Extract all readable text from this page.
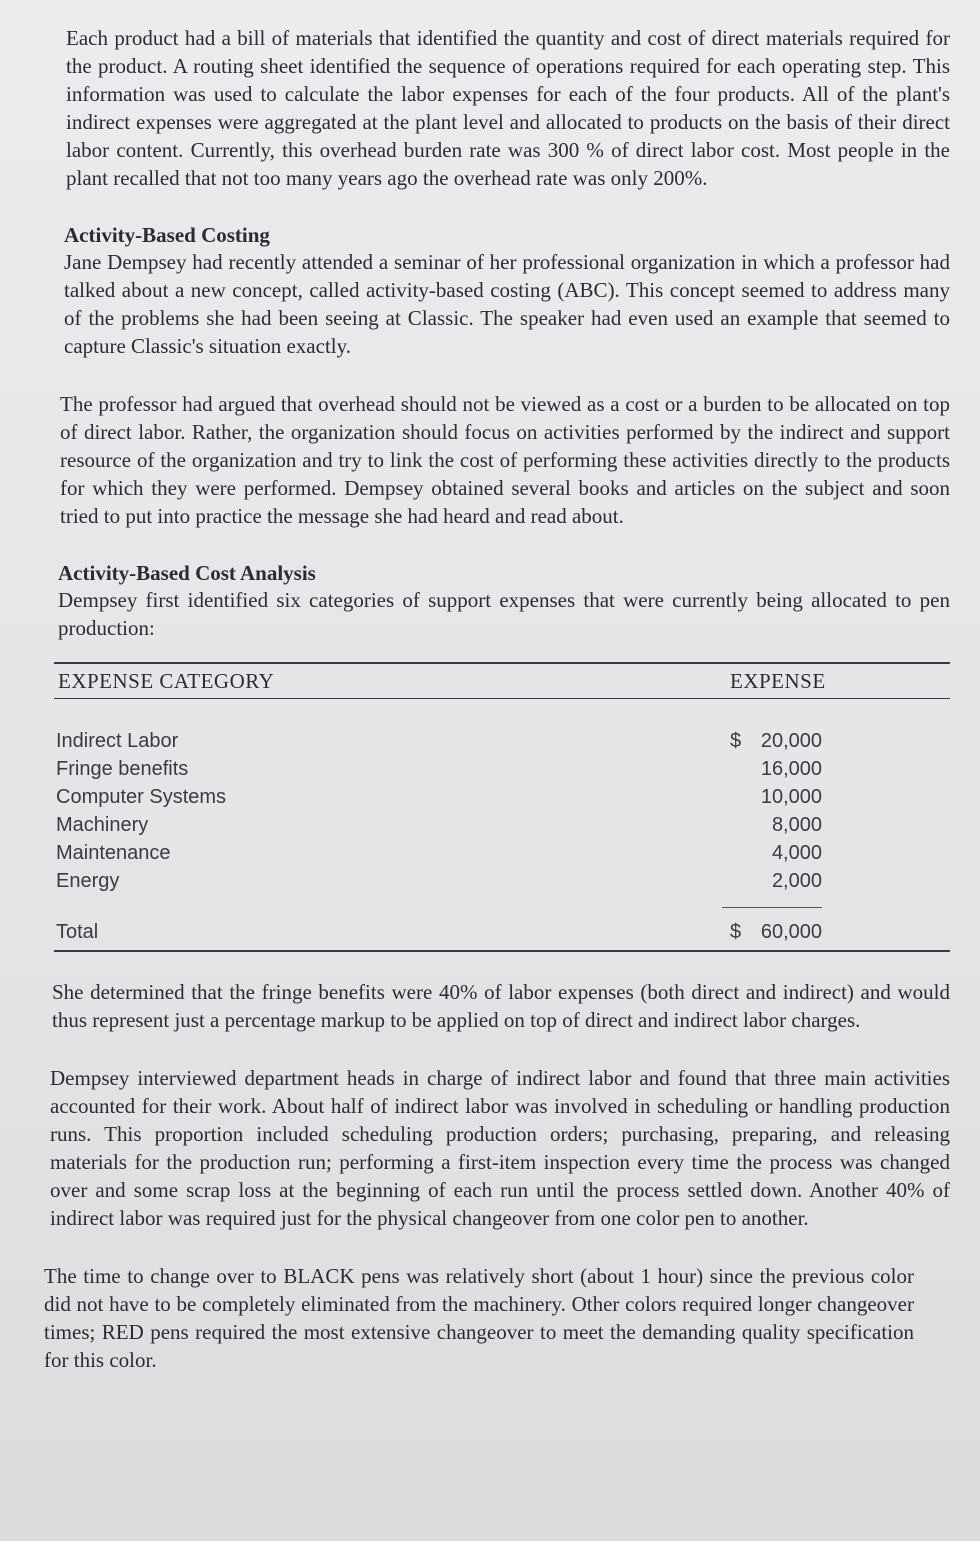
Each product had a bill of materials that identified the quantity and cost of direct materials required for the product. A routing sheet identified the sequence of operations required for each operating step. This information was used to calculate the labor expenses for each of the four products. All of the plant's indirect expenses were aggregated at the plant level and allocated to products on the basis of their direct labor content. Currently, this overhead burden rate was 300 % of direct labor cost. Most people in the plant recalled that not too many years ago the overhead rate was only 200%.

Activity-Based Costing

Jane Dempsey had recently attended a seminar of her professional organization in which a professor had talked about a new concept, called activity-based costing (ABC). This concept seemed to address many of the problems she had been seeing at Classic. The speaker had even used an example that seemed to capture Classic's situation exactly.

The professor had argued that overhead should not be viewed as a cost or a burden to be allocated on top of direct labor. Rather, the organization should focus on activities performed by the indirect and support resource of the organization and try to link the cost of performing these activities directly to the products for which they were performed. Dempsey obtained several books and articles on the subject and soon tried to put into practice the message she had heard and read about.

Activity-Based Cost Analysis

Dempsey first identified six categories of support expenses that were currently being allocated to pen production:

EXPENSE CATEGORY	EXPENSE
Indirect Labor	$ 20,000
Fringe benefits	16,000
Computer Systems	10,000
Machinery	8,000
Maintenance	4,000
Energy	2,000
Total	$ 60,000

She determined that the fringe benefits were 40% of labor expenses (both direct and indirect) and would thus represent just a percentage markup to be applied on top of direct and indirect labor charges.

Dempsey interviewed department heads in charge of indirect labor and found that three main activities accounted for their work. About half of indirect labor was involved in scheduling or handling production runs. This proportion included scheduling production orders; purchasing, preparing, and releasing materials for the production run; performing a first-item inspection every time the process was changed over and some scrap loss at the beginning of each run until the process settled down. Another 40% of indirect labor was required just for the physical changeover from one color pen to another.

The time to change over to BLACK pens was relatively short (about 1 hour) since the previous color did not have to be completely eliminated from the machinery. Other colors required longer changeover times; RED pens required the most extensive changeover to meet the demanding quality specification for this color.
